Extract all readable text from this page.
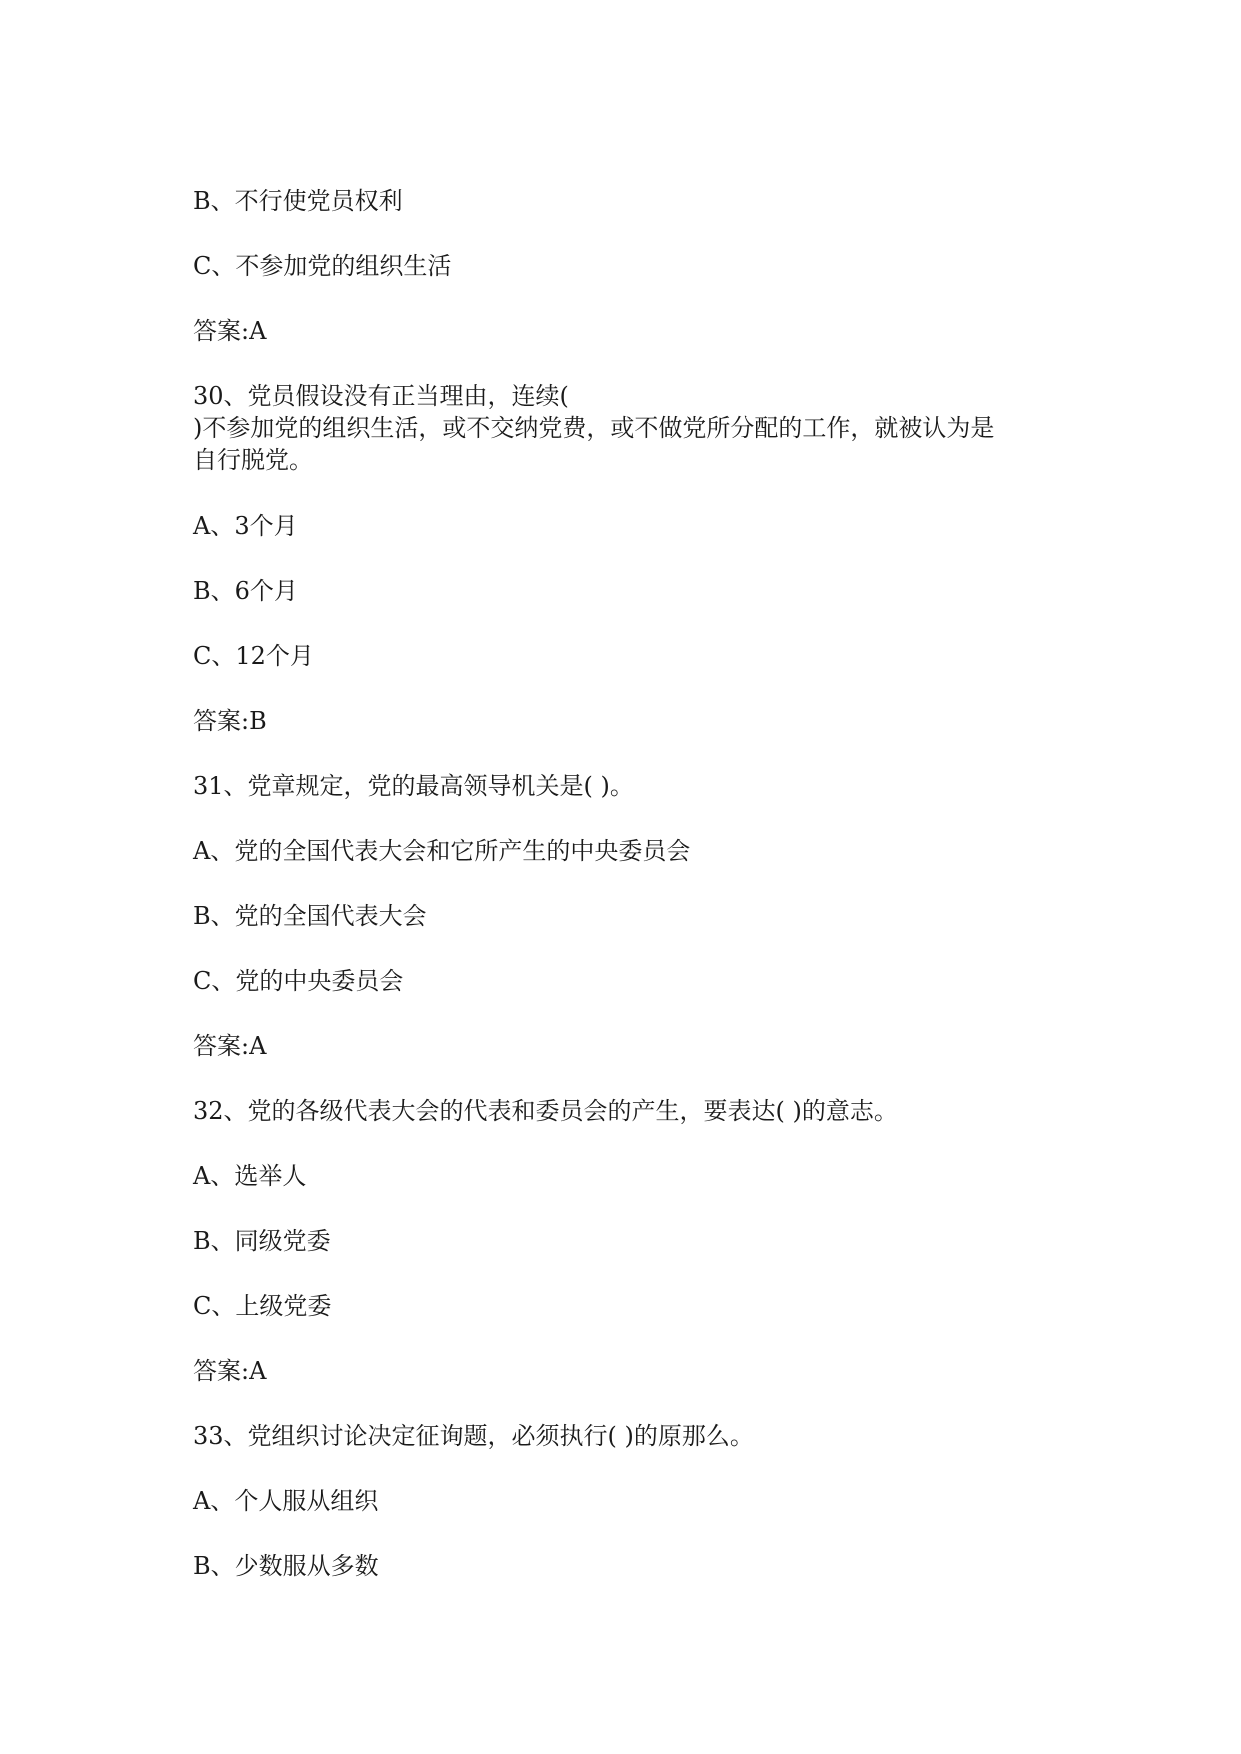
B、不行使党员权利
C、不参加党的组织生活
答案:A
30、党员假设没有正当理由，连续(
)不参加党的组织生活，或不交纳党费，或不做党所分配的工作，就被认为是
自行脱党。
A、3个月
B、6个月
C、12个月
答案:B
31、党章规定，党的最高领导机关是( )。
A、党的全国代表大会和它所产生的中央委员会
B、党的全国代表大会
C、党的中央委员会
答案:A
32、党的各级代表大会的代表和委员会的产生，要表达( )的意志。
A、选举人
B、同级党委
C、上级党委
答案:A
33、党组织讨论决定征询题，必须执行( )的原那么。
A、个人服从组织
B、少数服从多数
